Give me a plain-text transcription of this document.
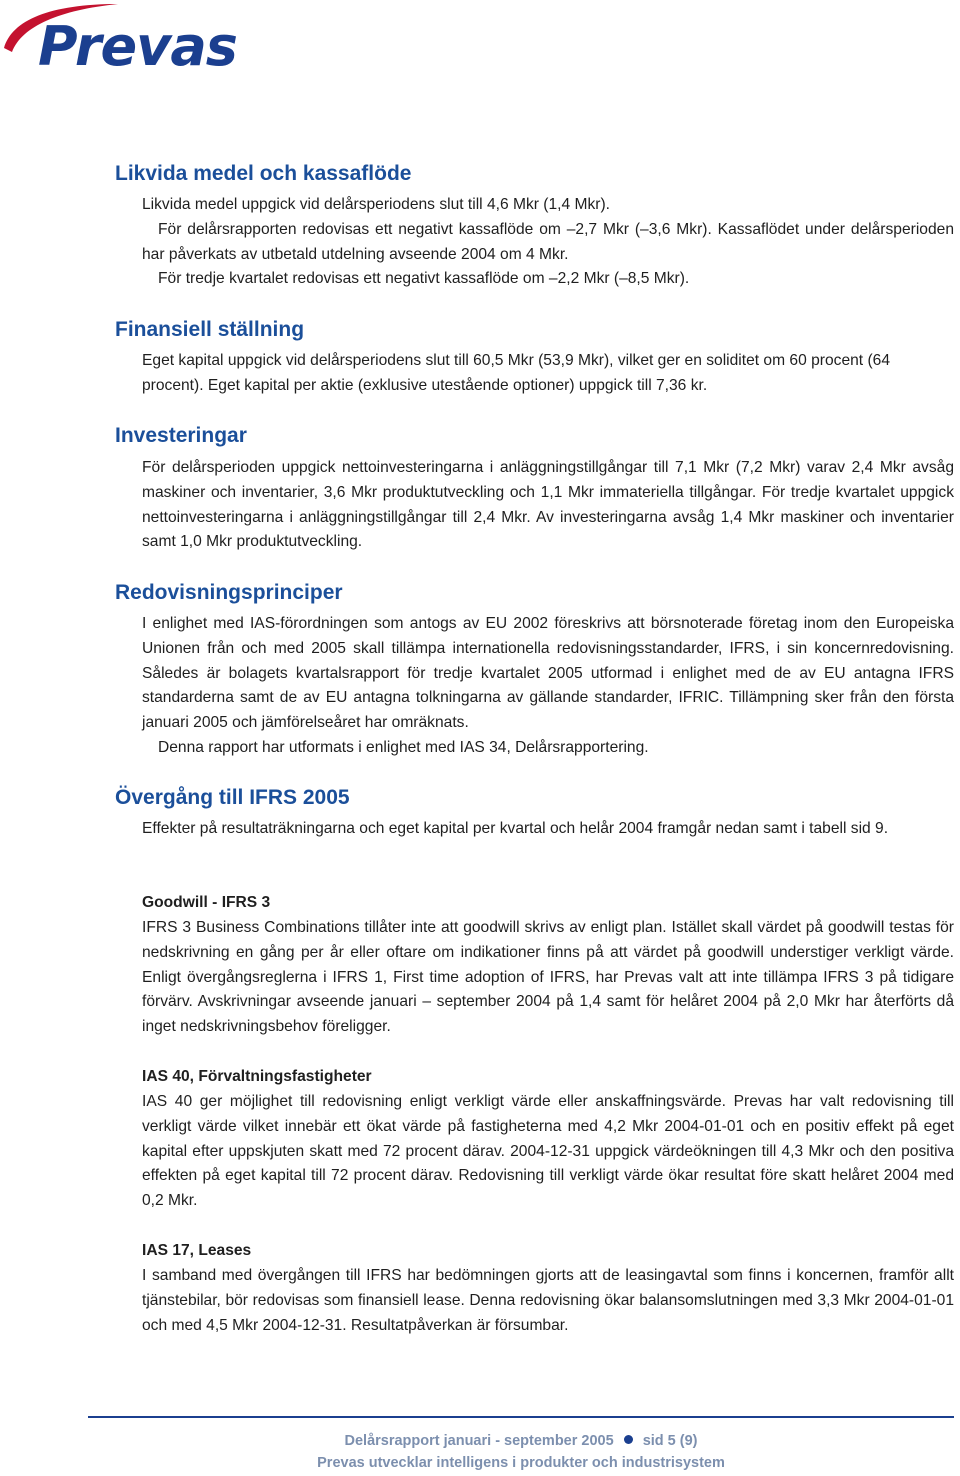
Prevas
Likvida medel och kassaflöde

Likvida medel uppgick vid delårsperiodens slut till 4,6 Mkr (1,4 Mkr).

För delårsrapporten redovisas ett negativt kassaflöde om –2,7 Mkr (–3,6 Mkr). Kassaflödet under delårsperioden har påverkats av utbetald utdelning avseende 2004 om 4 Mkr.

För tredje kvartalet redovisas ett negativt kassaflöde om –2,2 Mkr (–8,5 Mkr).

Finansiell ställning

Eget kapital uppgick vid delårsperiodens slut till 60,5 Mkr (53,9 Mkr), vilket ger en soliditet om 60 procent (64 procent). Eget kapital per aktie (exklusive utestående optioner) uppgick till 7,36 kr.

Investeringar

För delårsperioden uppgick nettoinvesteringarna i anläggningstillgångar till 7,1 Mkr (7,2 Mkr) varav 2,4 Mkr avsåg maskiner och inventarier, 3,6 Mkr produktutveckling och 1,1 Mkr immateriella tillgångar. För tredje kvartalet uppgick nettoinvesteringarna i anläggningstillgångar till 2,4 Mkr. Av investeringarna avsåg 1,4 Mkr maskiner och inventarier samt 1,0 Mkr produktutveckling.

Redovisningsprinciper

I enlighet med IAS-förordningen som antogs av EU 2002 föreskrivs att börsnoterade företag inom den Europeiska Unionen från och med 2005 skall tillämpa internationella redovisningsstandarder, IFRS, i sin koncernredovisning. Således är bolagets kvartalsrapport för tredje kvartalet 2005 utformad i enlighet med de av EU antagna IFRS standarderna samt de av EU antagna tolkningarna av gällande standarder, IFRIC. Tillämpning sker från den första januari 2005 och jämförelseåret har omräknats.

Denna rapport har utformats i enlighet med IAS 34, Delårsrapportering.

Övergång till IFRS 2005

Effekter på resultaträkningarna och eget kapital per kvartal och helår 2004 framgår nedan samt i tabell sid 9.

Goodwill - IFRS 3

IFRS 3 Business Combinations tillåter inte att goodwill skrivs av enligt plan. Istället skall värdet på goodwill testas för nedskrivning en gång per år eller oftare om indikationer finns på att värdet på goodwill understiger verkligt värde. Enligt övergångsreglerna i IFRS 1, First time adoption of IFRS, har Prevas valt att inte tillämpa IFRS 3 på tidigare förvärv. Avskrivningar avseende januari – september 2004 på 1,4 samt för helåret 2004 på 2,0 Mkr har återförts då inget nedskrivningsbehov föreligger.

IAS 40, Förvaltningsfastigheter

IAS 40 ger möjlighet till redovisning enligt verkligt värde eller anskaffningsvärde. Prevas har valt redovisning till verkligt värde vilket innebär ett ökat värde på fastigheterna med 4,2 Mkr 2004-01-01 och en positiv effekt på eget kapital efter uppskjuten skatt med 72 procent därav. 2004-12-31 uppgick värdeökningen till 4,3 Mkr och den positiva effekten på eget kapital till 72 procent därav. Redovisning till verkligt värde ökar resultat före skatt helåret 2004 med 0,2 Mkr.

IAS 17, Leases

I samband med övergången till IFRS har bedömningen gjorts att de leasingavtal som finns i koncernen, framför allt tjänstebilar, bör redovisas som finansiell lease. Denna redovisning ökar balansomslutningen med 3,3 Mkr 2004-01-01 och med 4,5 Mkr 2004-12-31. Resultatpåverkan är försumbar.

Delårsrapport januari - september 2005 sid 5 (9)
Prevas utvecklar intelligens i produkter och industrisystem
